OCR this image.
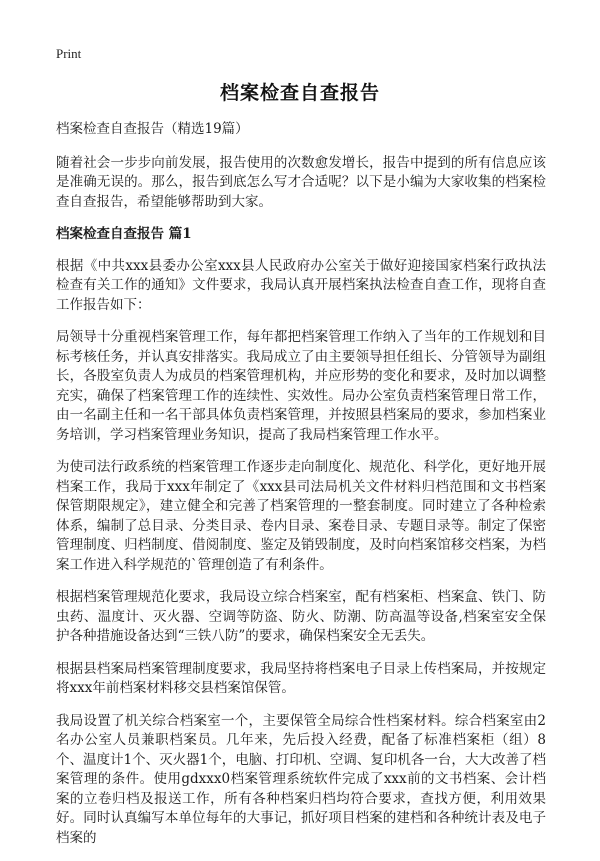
Print
档案检查自查报告

档案检查自查报告（精选19篇）

随着社会一步步向前发展，报告使用的次数愈发增长，报告中提到的所有信息应该是准确无误的。那么，报告到底怎么写才合适呢？以下是小编为大家收集的档案检查自查报告，希望能够帮助到大家。

档案检查自查报告 篇1

根据《中共xxx县委办公室xxx县人民政府办公室关于做好迎接国家档案行政执法检查有关工作的通知》文件要求，我局认真开展档案执法检查自查工作，现将自查工作报告如下：

局领导十分重视档案管理工作，每年都把档案管理工作纳入了当年的工作规划和目标考核任务，并认真安排落实。我局成立了由主要领导担任组长、分管领导为副组长，各股室负责人为成员的档案管理机构，并应形势的变化和要求，及时加以调整充实，确保了档案管理工作的连续性、实效性。局办公室负责档案管理日常工作，由一名副主任和一名干部具体负责档案管理，并按照县档案局的要求，参加档案业务培训，学习档案管理业务知识，提高了我局档案管理工作水平。

为使司法行政系统的档案管理工作逐步走向制度化、规范化、科学化，更好地开展档案工作，我局于xxx年制定了《xxx县司法局机关文件材料归档范围和文书档案保管期限规定》，建立健全和完善了档案管理的一整套制度。同时建立了各种检索体系，编制了总目录、分类目录、卷内目录、案卷目录、专题目录等。制定了保密管理制度、归档制度、借阅制度、鉴定及销毁制度，及时向档案馆移交档案，为档案工作进入科学规范的`管理创造了有利条件。

根据档案管理规范化要求，我局设立综合档案室，配有档案柜、档案盒、铁门、防虫药、温度计、灭火器、空调等防盗、防火、防潮、防高温等设备,档案室安全保护各种措施设备达到“三铁八防”的要求，确保档案安全无丢失。

根据县档案局档案管理制度要求，我局坚持将档案电子目录上传档案局，并按规定将xxx年前档案材料移交县档案馆保管。

我局设置了机关综合档案室一个，主要保管全局综合性档案材料。综合档案室由2名办公室人员兼职档案员。几年来，先后投入经费，配备了标准档案柜（组）8个、温度计1个、灭火器1个，电脑、打印机、空调、复印机各一台，大大改善了档案管理的条件。使用gdxxx0档案管理系统软件完成了xxx前的文书档案、会计档案的立卷归档及报送工作，所有各种档案归档均符合要求，查找方便，利用效果好。同时认真编写本单位每年的大事记，抓好项目档案的建档和各种统计表及电子档案的
